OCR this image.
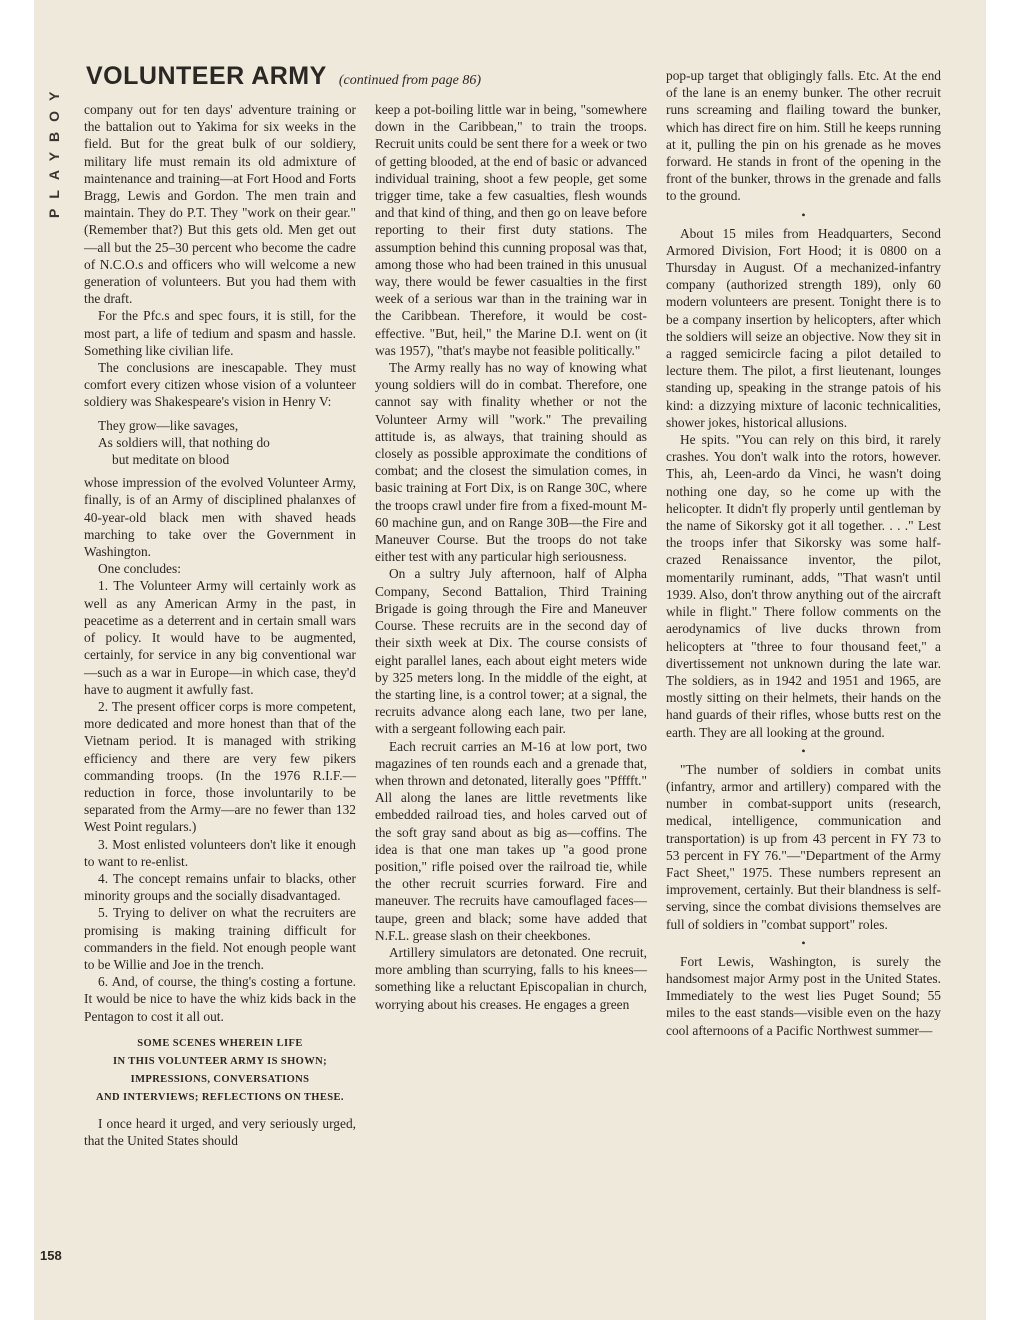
PLAYBOY
VOLUNTEER ARMY (continued from page 86)

company out for ten days' adventure training or the battalion out to Yakima for six weeks in the field. But for the great bulk of our soldiery, military life must remain its old admixture of maintenance and training—at Fort Hood and Forts Bragg, Lewis and Gordon. The men train and maintain. They do P.T. They "work on their gear." (Remember that?) But this gets old. Men get out—all but the 25–30 percent who become the cadre of N.C.O.s and officers who will welcome a new generation of volunteers. But you had them with the draft.

For the Pfc.s and spec fours, it is still, for the most part, a life of tedium and spasm and hassle. Something like civilian life.

The conclusions are inescapable. They must comfort every citizen whose vision of a volunteer soldiery was Shakespeare's vision in Henry V:

They grow—like savages,
As soldiers will, that nothing do
but meditate on blood

whose impression of the evolved Volunteer Army, finally, is of an Army of disciplined phalanxes of 40-year-old black men with shaved heads marching to take over the Government in Washington.

One concludes:

1. The Volunteer Army will certainly work as well as any American Army in the past, in peacetime as a deterrent and in certain small wars of policy. It would have to be augmented, certainly, for service in any big conventional war—such as a war in Europe—in which case, they'd have to augment it awfully fast.

2. The present officer corps is more competent, more dedicated and more honest than that of the Vietnam period. It is managed with striking efficiency and there are very few pikers commanding troops. (In the 1976 R.I.F.—reduction in force, those involuntarily to be separated from the Army—are no fewer than 132 West Point regulars.)

3. Most enlisted volunteers don't like it enough to want to re-enlist.

4. The concept remains unfair to blacks, other minority groups and the socially disadvantaged.

5. Trying to deliver on what the recruiters are promising is making training difficult for commanders in the field. Not enough people want to be Willie and Joe in the trench.

6. And, of course, the thing's costing a fortune. It would be nice to have the whiz kids back in the Pentagon to cost it all out.

SOME SCENES WHEREIN LIFE
IN THIS VOLUNTEER ARMY IS SHOWN;
IMPRESSIONS, CONVERSATIONS
AND INTERVIEWS; REFLECTIONS ON THESE.

I once heard it urged, and very seriously urged, that the United States should

keep a pot-boiling little war in being, "somewhere down in the Caribbean," to train the troops. Recruit units could be sent there for a week or two of getting blooded, at the end of basic or advanced individual training, shoot a few people, get some trigger time, take a few casualties, flesh wounds and that kind of thing, and then go on leave before reporting to their first duty stations. The assumption behind this cunning proposal was that, among those who had been trained in this unusual way, there would be fewer casualties in the first week of a serious war than in the training war in the Caribbean. Therefore, it would be cost-effective. "But, heil," the Marine D.I. went on (it was 1957), "that's maybe not feasible politically."

The Army really has no way of knowing what young soldiers will do in combat. Therefore, one cannot say with finality whether or not the Volunteer Army will "work." The prevailing attitude is, as always, that training should as closely as possible approximate the conditions of combat; and the closest the simulation comes, in basic training at Fort Dix, is on Range 30C, where the troops crawl under fire from a fixed-mount M-60 machine gun, and on Range 30B—the Fire and Maneuver Course. But the troops do not take either test with any particular high seriousness.

On a sultry July afternoon, half of Alpha Company, Second Battalion, Third Training Brigade is going through the Fire and Maneuver Course. These recruits are in the second day of their sixth week at Dix. The course consists of eight parallel lanes, each about eight meters wide by 325 meters long. In the middle of the eight, at the starting line, is a control tower; at a signal, the recruits advance along each lane, two per lane, with a sergeant following each pair.

Each recruit carries an M-16 at low port, two magazines of ten rounds each and a grenade that, when thrown and detonated, literally goes "Pfffft." All along the lanes are little revetments like embedded railroad ties, and holes carved out of the soft gray sand about as big as—coffins. The idea is that one man takes up "a good prone position," rifle poised over the railroad tie, while the other recruit scurries forward. Fire and maneuver. The recruits have camouflaged faces—taupe, green and black; some have added that N.F.L. grease slash on their cheekbones.

Artillery simulators are detonated. One recruit, more ambling than scurrying, falls to his knees—something like a reluctant Episcopalian in church, worrying about his creases. He engages a green

pop-up target that obligingly falls. Etc. At the end of the lane is an enemy bunker. The other recruit runs screaming and flailing toward the bunker, which has direct fire on him. Still he keeps running at it, pulling the pin on his grenade as he moves forward. He stands in front of the opening in the front of the bunker, throws in the grenade and falls to the ground.

•

About 15 miles from Headquarters, Second Armored Division, Fort Hood; it is 0800 on a Thursday in August. Of a mechanized-infantry company (authorized strength 189), only 60 modern volunteers are present. Tonight there is to be a company insertion by helicopters, after which the soldiers will seize an objective. Now they sit in a ragged semicircle facing a pilot detailed to lecture them. The pilot, a first lieutenant, lounges standing up, speaking in the strange patois of his kind: a dizzying mixture of laconic technicalities, shower jokes, historical allusions.

He spits. "You can rely on this bird, it rarely crashes. You don't walk into the rotors, however. This, ah, Leen-ardo da Vinci, he wasn't doing nothing one day, so he come up with the helicopter. It didn't fly properly until gentleman by the name of Sikorsky got it all together. . . ." Lest the troops infer that Sikorsky was some half-crazed Renaissance inventor, the pilot, momentarily ruminant, adds, "That wasn't until 1939. Also, don't throw anything out of the aircraft while in flight." There follow comments on the aerodynamics of live ducks thrown from helicopters at "three to four thousand feet," a divertissement not unknown during the late war. The soldiers, as in 1942 and 1951 and 1965, are mostly sitting on their helmets, their hands on the hand guards of their rifles, whose butts rest on the earth. They are all looking at the ground.

•

"The number of soldiers in combat units (infantry, armor and artillery) compared with the number in combat-support units (research, medical, intelligence, communication and transportation) is up from 43 percent in FY 73 to 53 percent in FY 76."—"Department of the Army Fact Sheet," 1975. These numbers represent an improvement, certainly. But their blandness is self-serving, since the combat divisions themselves are full of soldiers in "combat support" roles.

•

Fort Lewis, Washington, is surely the handsomest major Army post in the United States. Immediately to the west lies Puget Sound; 55 miles to the east stands—visible even on the hazy cool afternoons of a Pacific Northwest summer—

158
